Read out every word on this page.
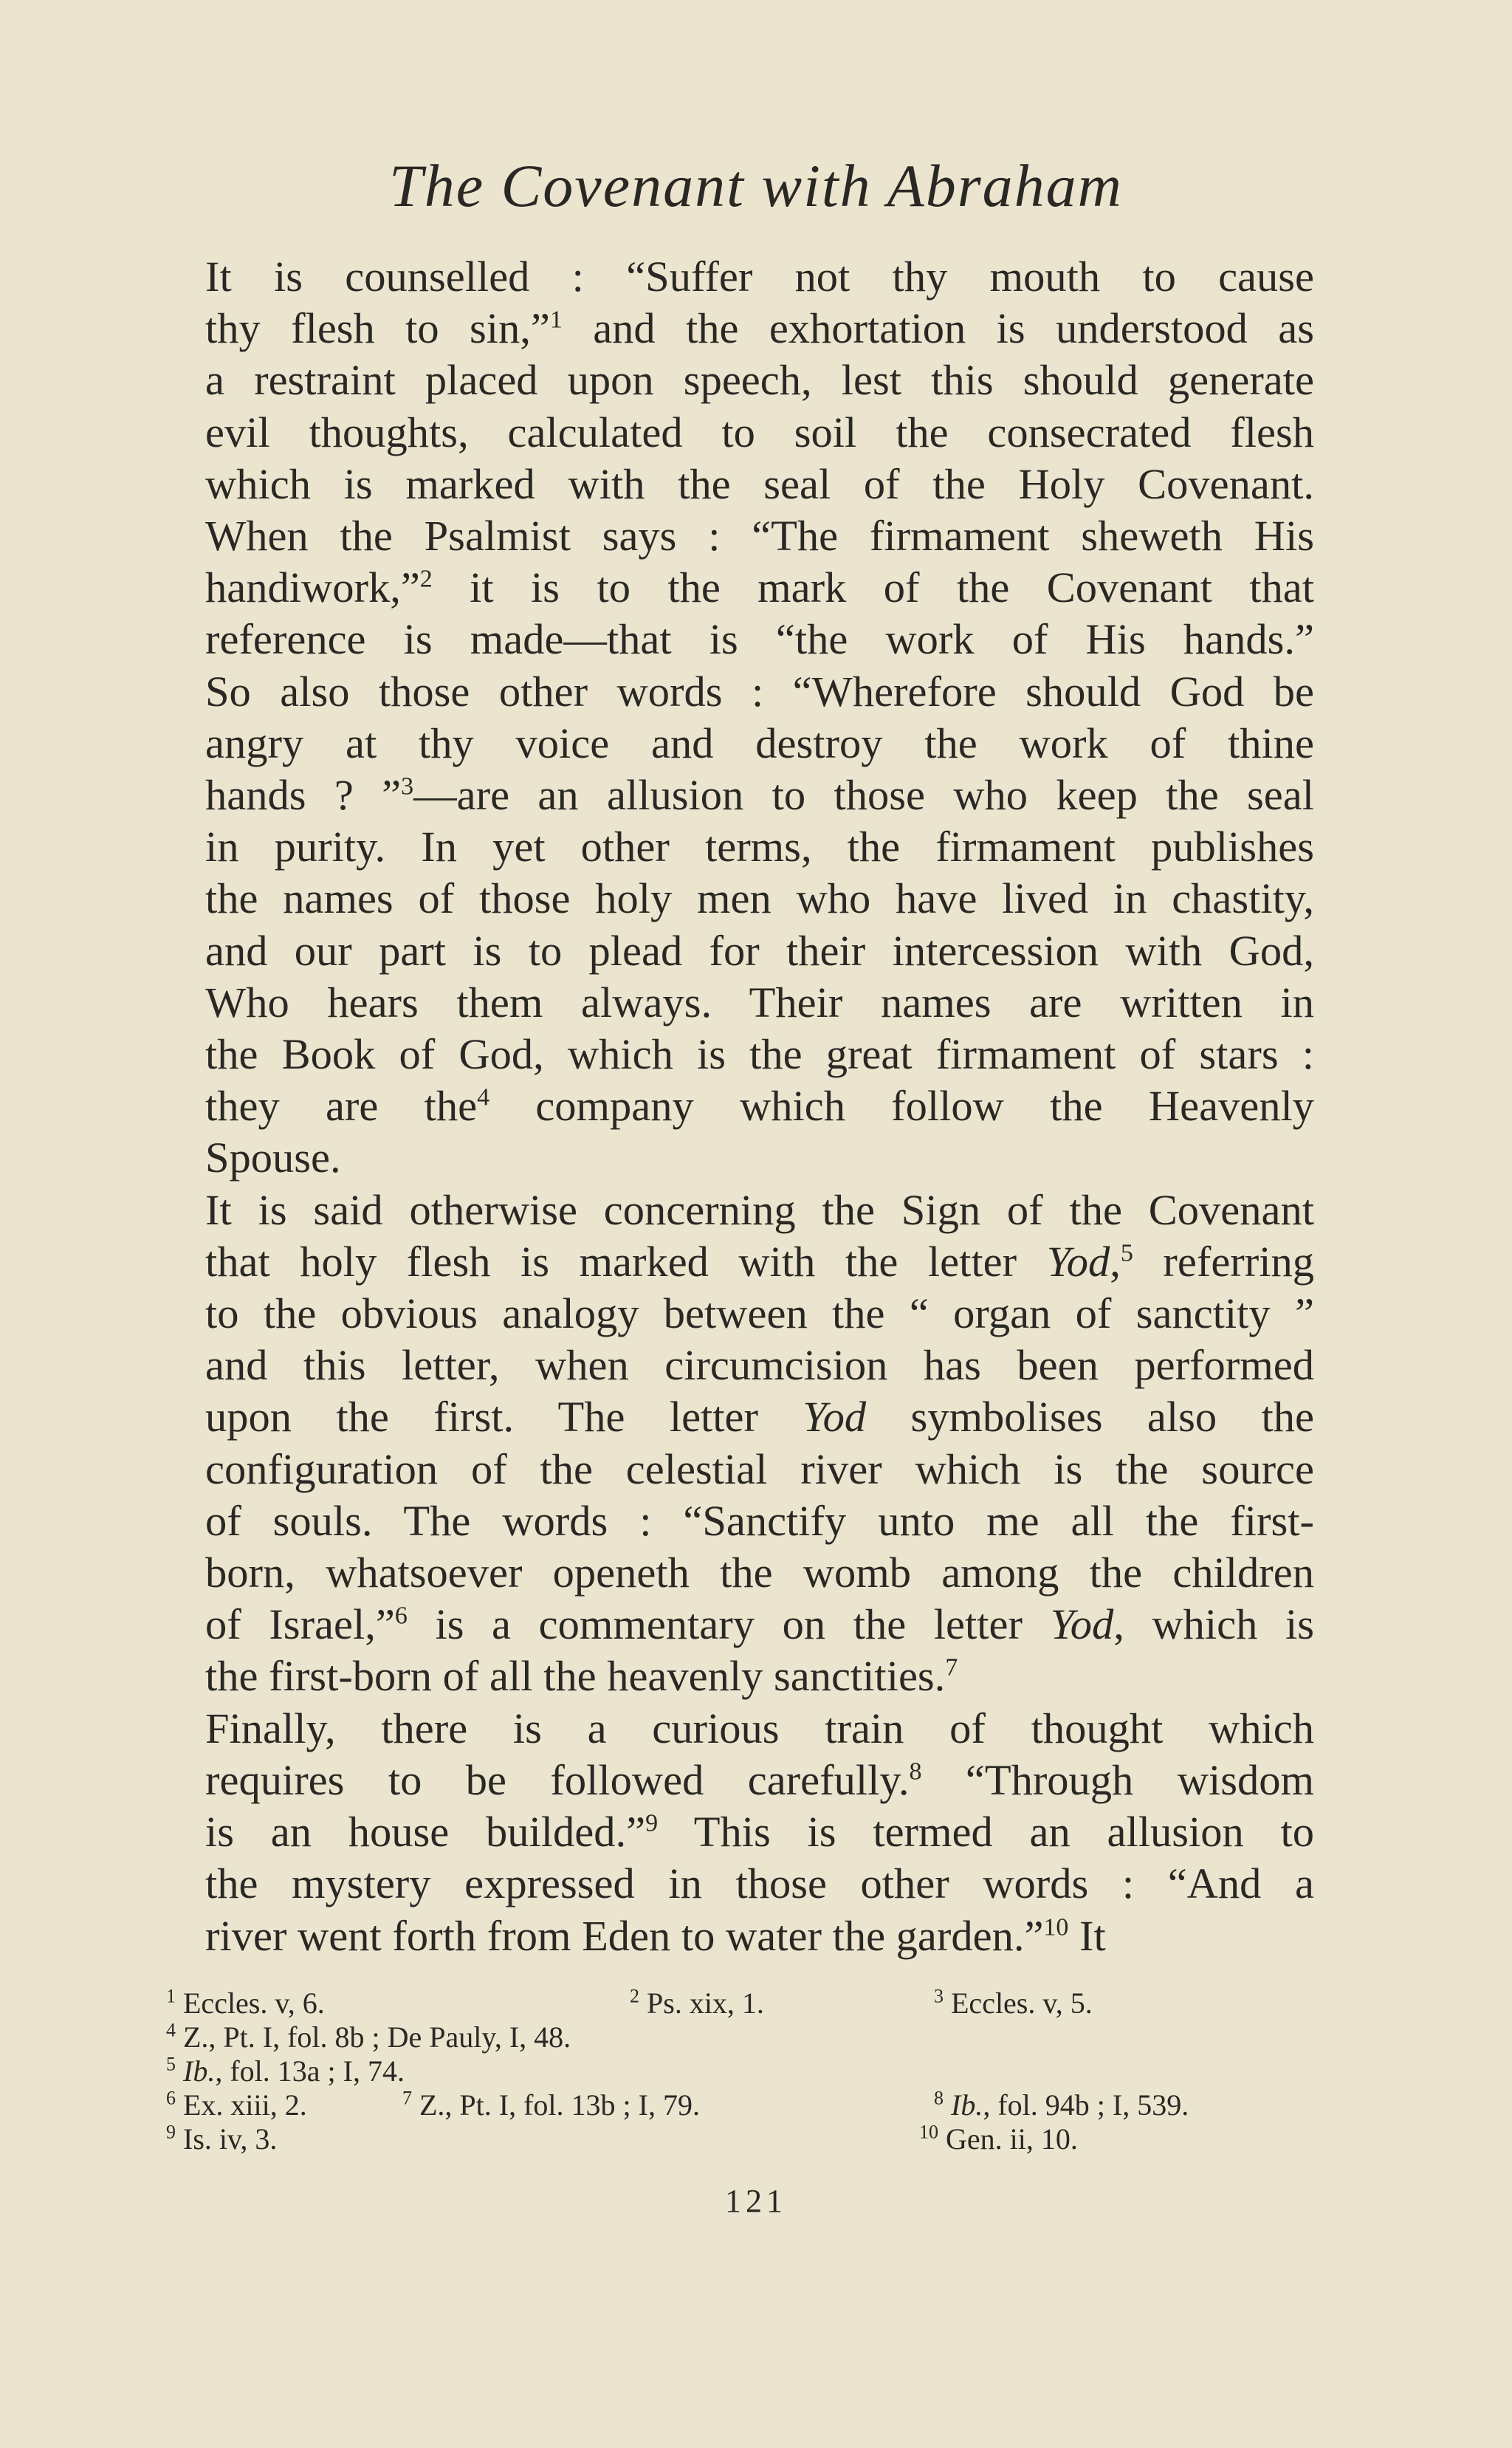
The Covenant with Abraham
It is counselled : “Suffer not thy mouth to cause
thy flesh to sin,”$^1$ and the exhortation is understood as
a restraint placed upon speech, lest this should generate
evil thoughts, calculated to soil the consecrated flesh
which is marked with the seal of the Holy Covenant.
When the Psalmist says : “The firmament sheweth His
handiwork,”$^2$ it is to the mark of the Covenant that
reference is made—that is “the work of His hands.”
So also those other words : “Wherefore should God be
angry at thy voice and destroy the work of thine
hands ? ”$^3$—are an allusion to those who keep the seal
in purity. In yet other terms, the firmament publishes
the names of those holy men who have lived in chastity,
and our part is to plead for their intercession with God,
Who hears them always. Their names are written in
the Book of God, which is the great firmament of stars :
they are the$^4$ company which follow the Heavenly
Spouse.
It is said otherwise concerning the Sign of the Covenant
that holy flesh is marked with the letter Yod,$^5$ referring
to the obvious analogy between the “ organ of sanctity ”
and this letter, when circumcision has been performed
upon the first. The letter Yod symbolises also the
configuration of the celestial river which is the source
of souls. The words : “Sanctify unto me all the first-
born, whatsoever openeth the womb among the children
of Israel,”$^6$ is a commentary on the letter Yod, which is
the first-born of all the heavenly sanctities.$^7$
Finally, there is a curious train of thought which
requires to be followed carefully.$^8$ “Through wisdom
is an house builded.”$^9$ This is termed an allusion to
the mystery expressed in those other words : “And a
river went forth from Eden to water the garden.”$^{10}$ It
$^1$ Eccles. v, 6.	$^2$ Ps. xix, 1.	$^3$ Eccles. v, 5.
$^4$ Z., Pt. I, fol. 8b ; De Pauly, I, 48.
$^5$ Ib., fol. 13a ; I, 74.
$^6$ Ex. xiii, 2.	$^7$ Z., Pt. I, fol. 13b ; I, 79.	$^8$ Ib., fol. 94b ; I, 539.
$^9$ Is. iv, 3.	$^{10}$ Gen. ii, 10.
121
